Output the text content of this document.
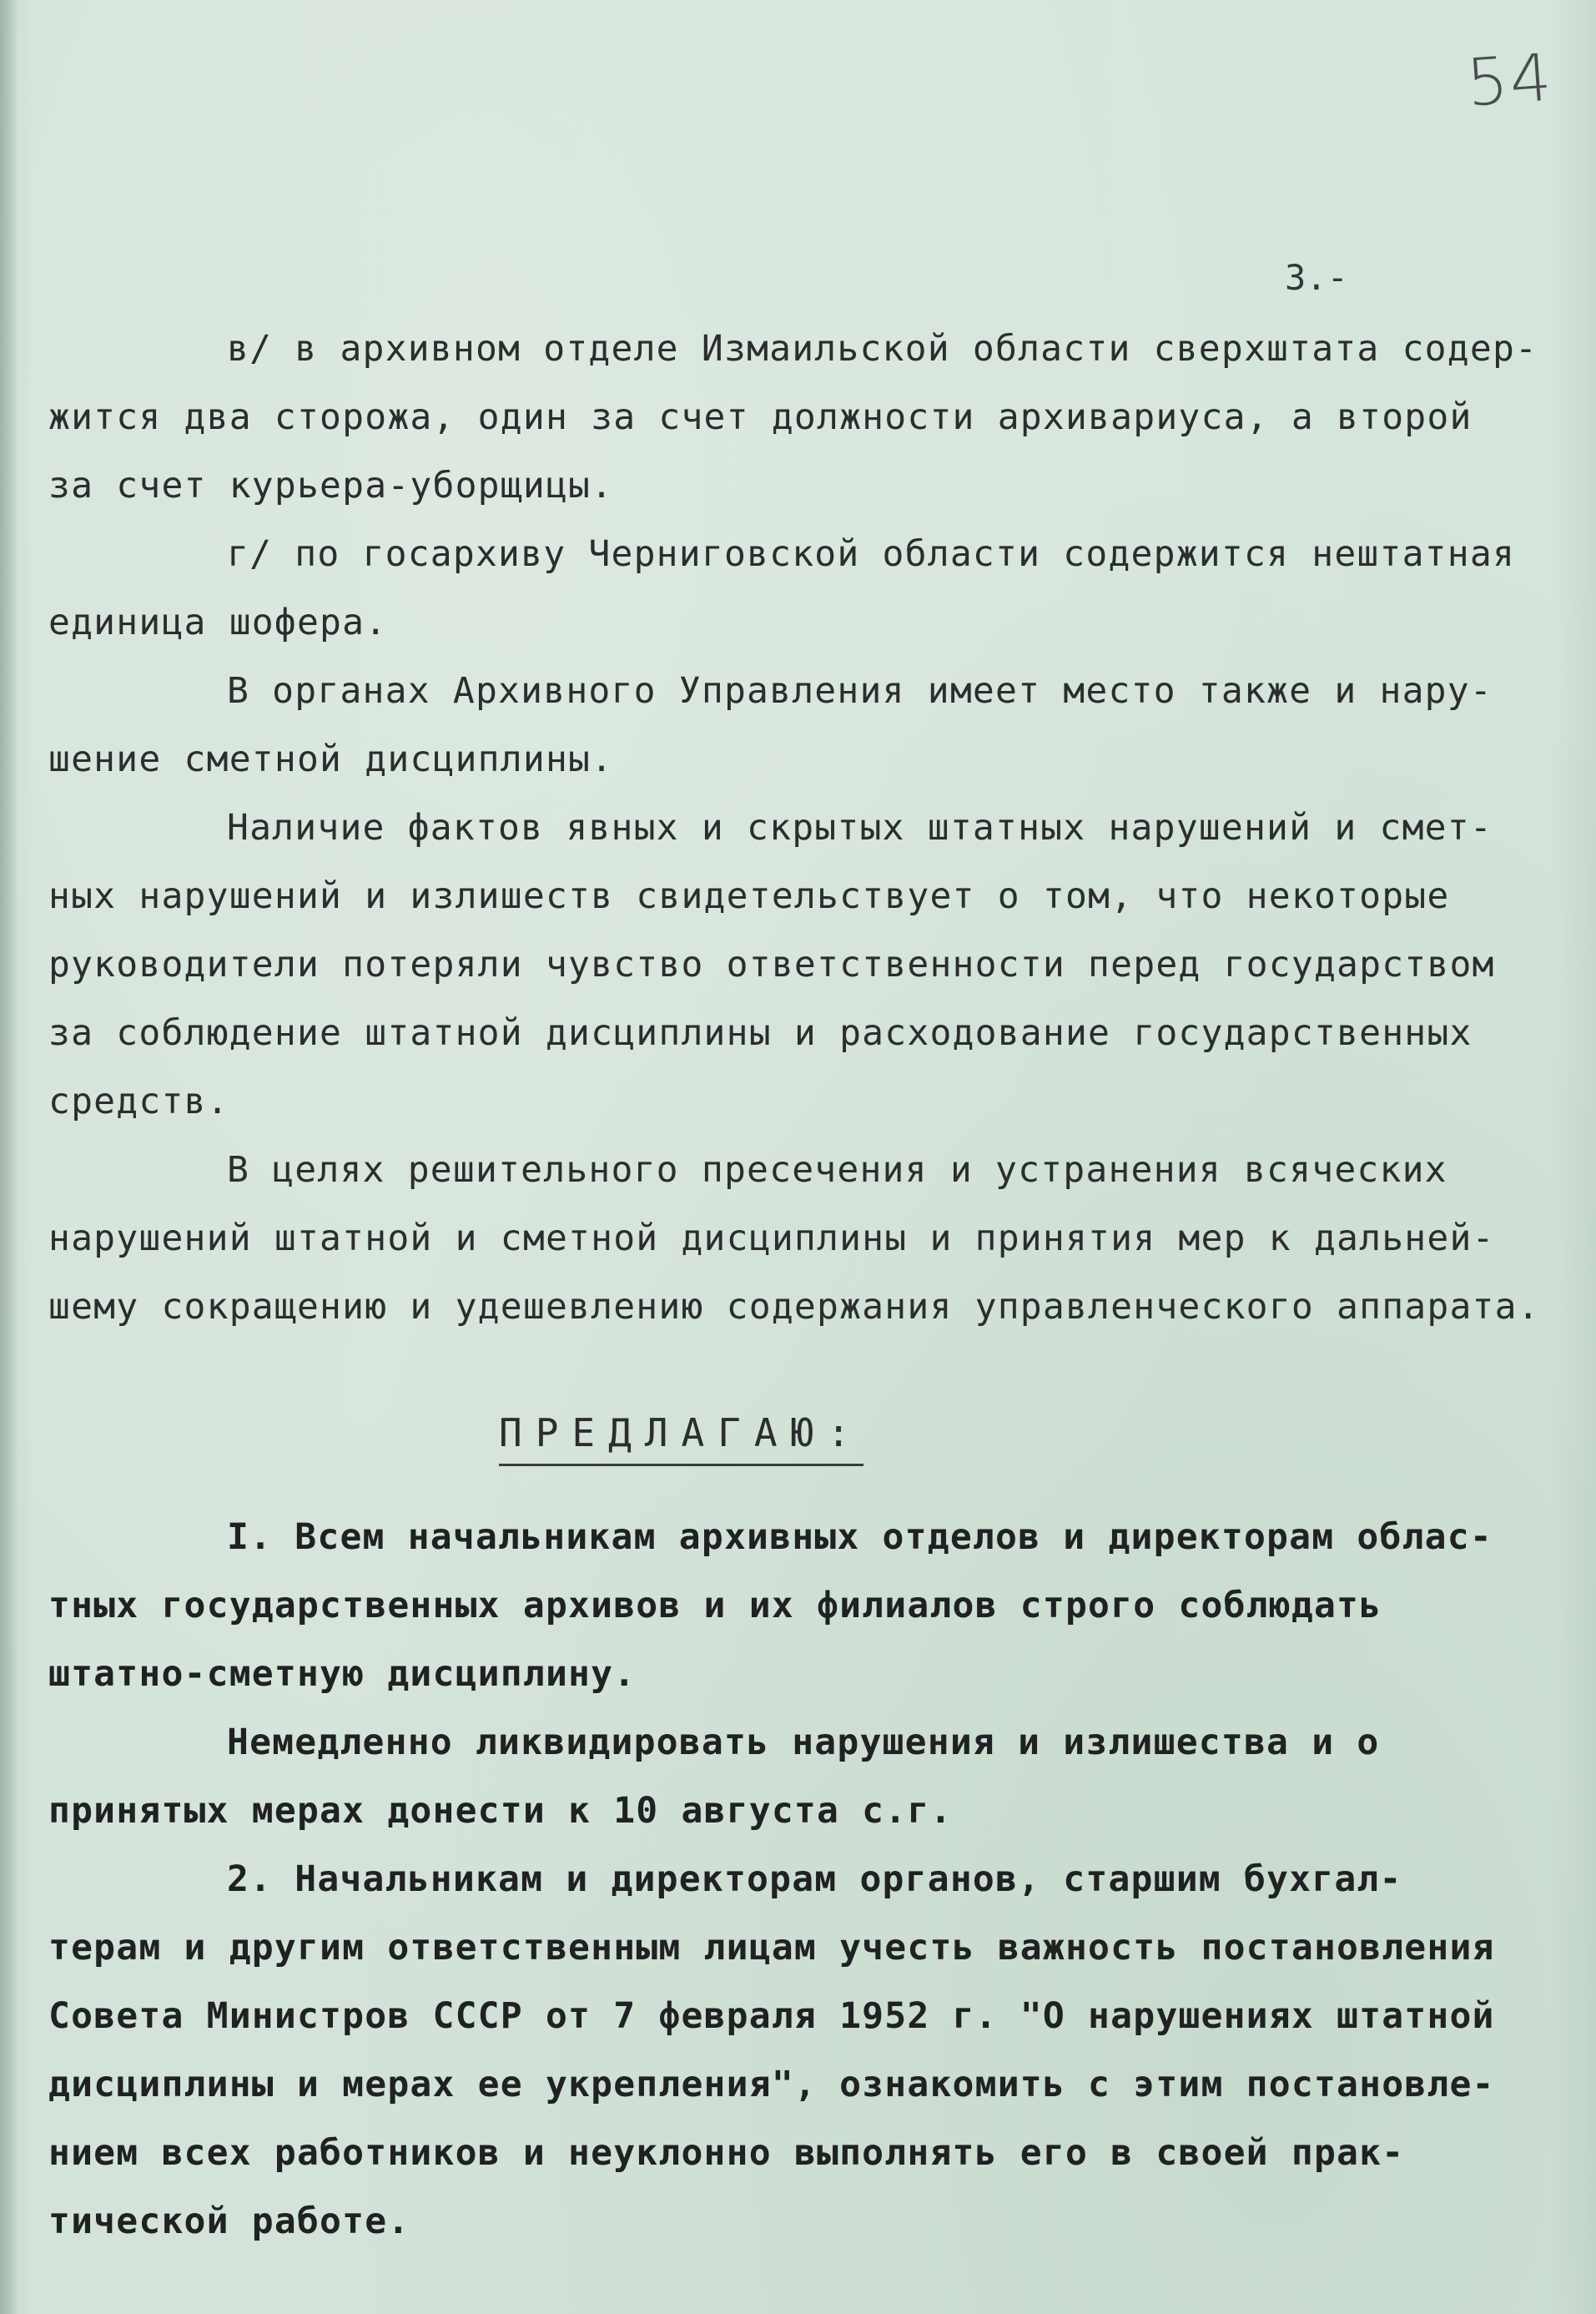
54
3.-
в/ в архивном отделе Измаильской области сверхштата содер-
жится два сторожа, один за счет должности архивариуса, а второй
за счет курьера-уборщицы.
г/ по госархиву Черниговской области содержится нештатная
единица шофера.
В органах Архивного Управления имеет место также и нару-
шение сметной дисциплины.
Наличие фактов явных и скрытых штатных нарушений и смет-
ных нарушений и излишеств свидетельствует о том, что некоторые
руководители потеряли чувство ответственности перед государством
за соблюдение штатной дисциплины и расходование государственных
средств.
В целях решительного пресечения и устранения всяческих
нарушений штатной и сметной дисциплины и принятия мер к дальней-
шему сокращению и удешевлению содержания управленческого аппарата.
ПРЕДЛАГАЮ:
I. Всем начальникам архивных отделов и директорам облас-
тных государственных архивов и их филиалов строго соблюдать
штатно-сметную дисциплину.
Немедленно ликвидировать нарушения и излишества и о
принятых мерах донести к 10 августа с.г.
2. Начальникам и директорам органов, старшим бухгал-
терам и другим ответственным лицам учесть важность постановления
Совета Министров СССР от 7 февраля 1952 г. "О нарушениях штатной
дисциплины и мерах ее укрепления", ознакомить с этим постановле-
нием всех работников и неуклонно выполнять его в своей прак-
тической работе.
